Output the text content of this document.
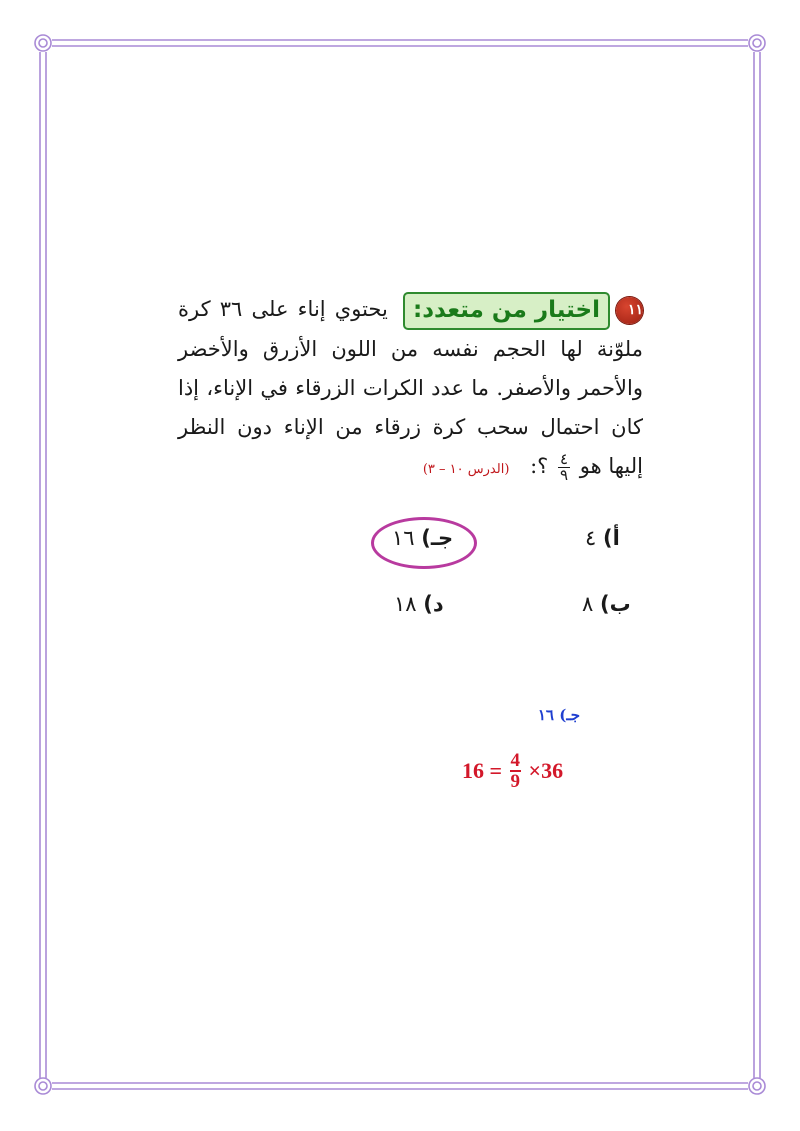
١١اختيار من متعدد: يحتوي إناء على ٣٦ كرة ملوّنة لها الحجم نفسه من اللون الأزرق والأخضر والأحمر والأصفر. ما عدد الكرات الزرقاء في الإناء، إذا كان احتمال سحب كرة زرقاء من الإناء دون النظر إليها هو
$\frac{٤}{٩}$
؟: (الدرس ١٠ – ٣)
أ) ٤
جـ) ١٦
ب) ٨
د) ١٨
جـ) ١٦
$16 = \frac{4}{9} \times 36$
